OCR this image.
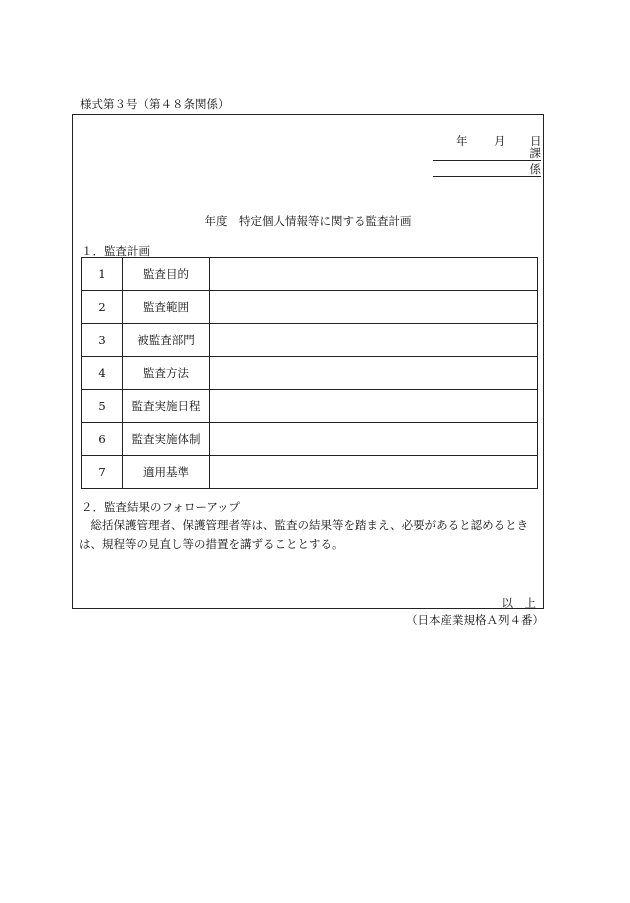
様式第３号（第４８条関係）
年 月 日
課
係
年度　特定個人情報等に関する監査計画
１．監査計画
1	監査目的	
2	監査範囲	
3	被監査部門	
4	監査方法	
5	監査実施日程	
6	監査実施体制	
7	適用基準	
２．監査結果のフォローアップ
総括保護管理者、保護管理者等は、監査の結果等を踏まえ、必要があると認めるときは、規程等の見直し等の措置を講ずることとする。
以　上
（日本産業規格Ａ列４番）
